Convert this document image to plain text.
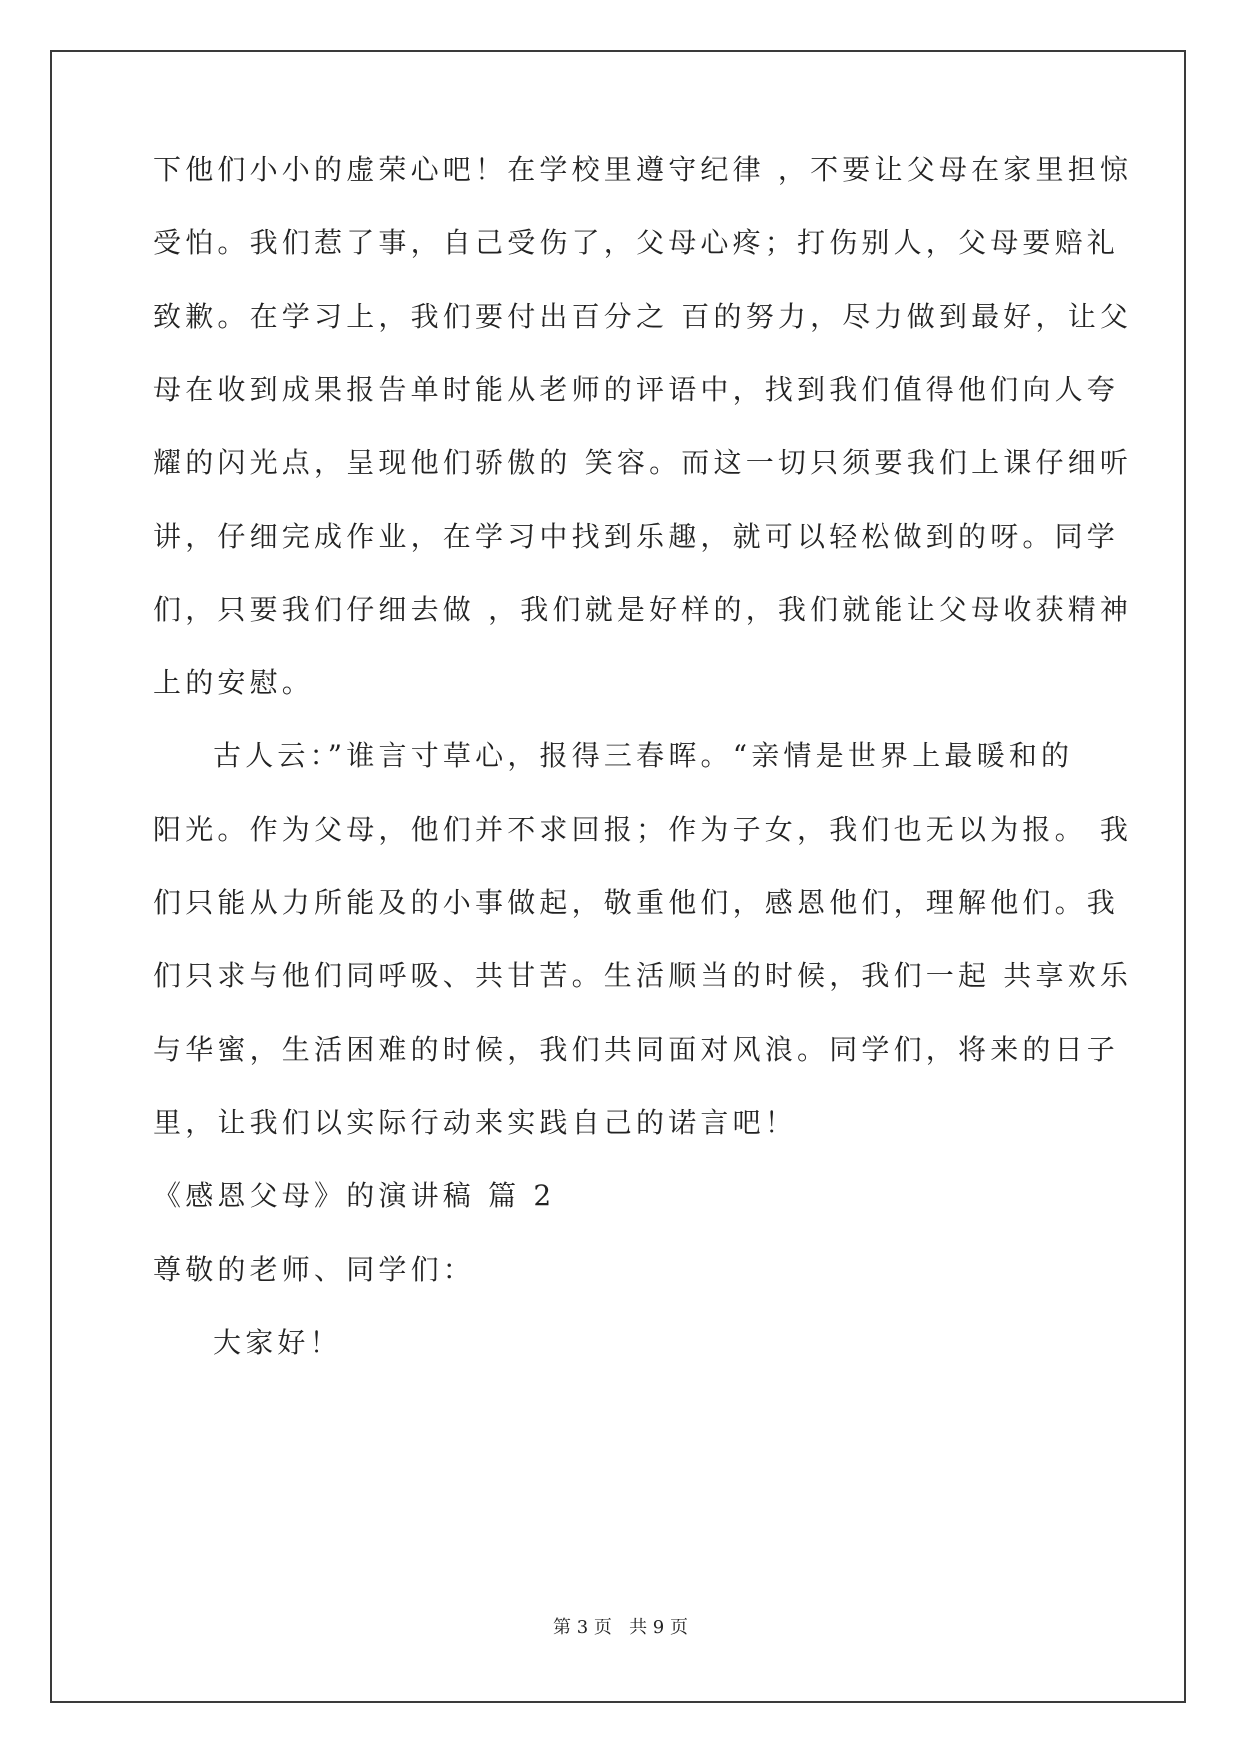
下他们小小的虚荣心吧！在学校里遵守纪律 ，不要让父母在家里担惊
受怕。我们惹了事，自己受伤了，父母心疼；打伤别人，父母要赔礼
致歉。在学习上，我们要付出百分之 百的努力，尽力做到最好，让父
母在收到成果报告单时能从老师的评语中，找到我们值得他们向人夸
耀的闪光点，呈现他们骄傲的 笑容。而这一切只须要我们上课仔细听
讲，仔细完成作业，在学习中找到乐趣，就可以轻松做到的呀。同学
们，只要我们仔细去做 ，我们就是好样的，我们就能让父母收获精神
上的安慰。
古人云：”谁言寸草心，报得三春晖。“亲情是世界上最暖和的
阳光。作为父母，他们并不求回报；作为子女，我们也无以为报。 我
们只能从力所能及的小事做起，敬重他们，感恩他们，理解他们。我
们只求与他们同呼吸、共甘苦。生活顺当的时候，我们一起 共享欢乐
与华蜜，生活困难的时候，我们共同面对风浪。同学们，将来的日子
里，让我们以实际行动来实践自己的诺言吧！
《感恩父母》的演讲稿 篇 2
尊敬的老师、同学们：
大家好！
第 3 页   共 9 页
